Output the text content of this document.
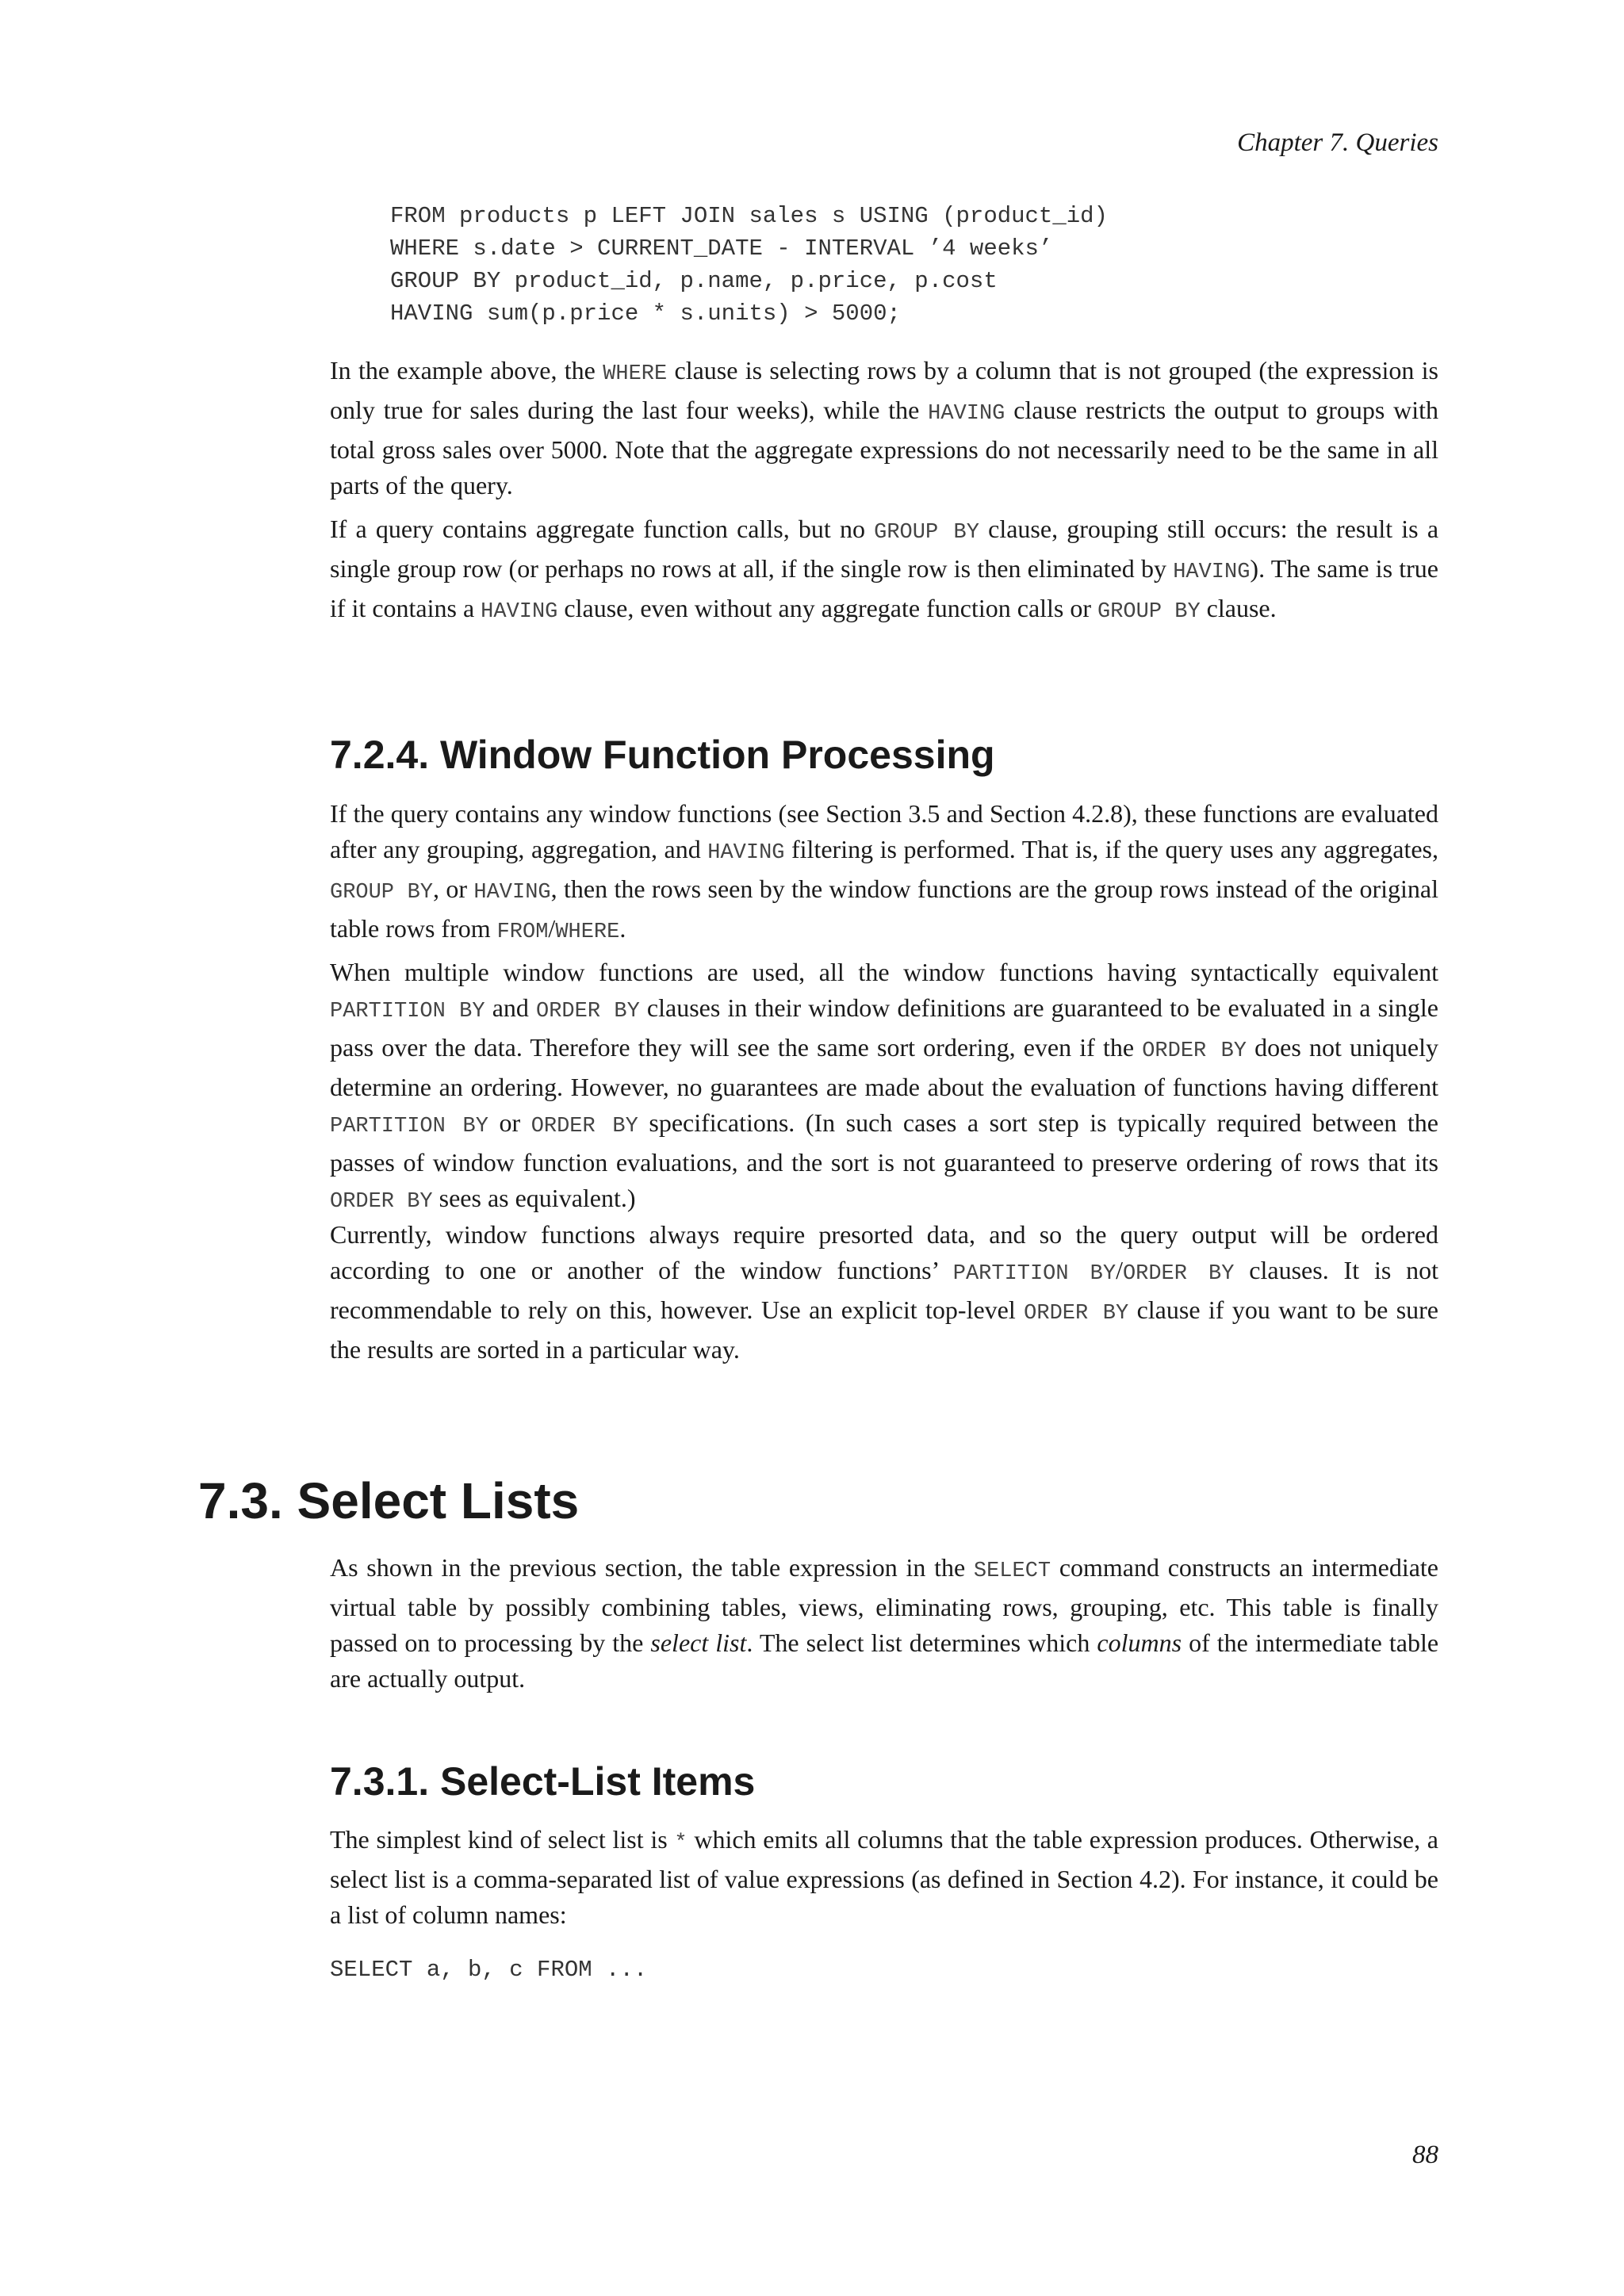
Chapter 7. Queries
FROM products p LEFT JOIN sales s USING (product_id)
WHERE s.date > CURRENT_DATE - INTERVAL ’4 weeks’
GROUP BY product_id, p.name, p.price, p.cost
HAVING sum(p.price * s.units) > 5000;

In the example above, the WHERE clause is selecting rows by a column that is not grouped (the expression is only true for sales during the last four weeks), while the HAVING clause restricts the output to groups with total gross sales over 5000. Note that the aggregate expressions do not necessarily need to be the same in all parts of the query.

If a query contains aggregate function calls, but no GROUP BY clause, grouping still occurs: the result is a single group row (or perhaps no rows at all, if the single row is then eliminated by HAVING). The same is true if it contains a HAVING clause, even without any aggregate function calls or GROUP BY clause.

7.2.4. Window Function Processing

If the query contains any window functions (see Section 3.5 and Section 4.2.8), these functions are evaluated after any grouping, aggregation, and HAVING filtering is performed. That is, if the query uses any aggregates, GROUP BY, or HAVING, then the rows seen by the window functions are the group rows instead of the original table rows from FROM/WHERE.

When multiple window functions are used, all the window functions having syntactically equivalent PARTITION BY and ORDER BY clauses in their window definitions are guaranteed to be evaluated in a single pass over the data. Therefore they will see the same sort ordering, even if the ORDER BY does not uniquely determine an ordering. However, no guarantees are made about the evaluation of functions having different PARTITION BY or ORDER BY specifications. (In such cases a sort step is typically required between the passes of window function evaluations, and the sort is not guaranteed to preserve ordering of rows that its ORDER BY sees as equivalent.)

Currently, window functions always require presorted data, and so the query output will be ordered according to one or another of the window functions’ PARTITION BY/ORDER BY clauses. It is not recommendable to rely on this, however. Use an explicit top-level ORDER BY clause if you want to be sure the results are sorted in a particular way.

7.3. Select Lists

As shown in the previous section, the table expression in the SELECT command constructs an intermediate virtual table by possibly combining tables, views, eliminating rows, grouping, etc. This table is finally passed on to processing by the select list. The select list determines which columns of the intermediate table are actually output.

7.3.1. Select-List Items

The simplest kind of select list is * which emits all columns that the table expression produces. Otherwise, a select list is a comma-separated list of value expressions (as defined in Section 4.2). For instance, it could be a list of column names:

SELECT a, b, c FROM ...
88
